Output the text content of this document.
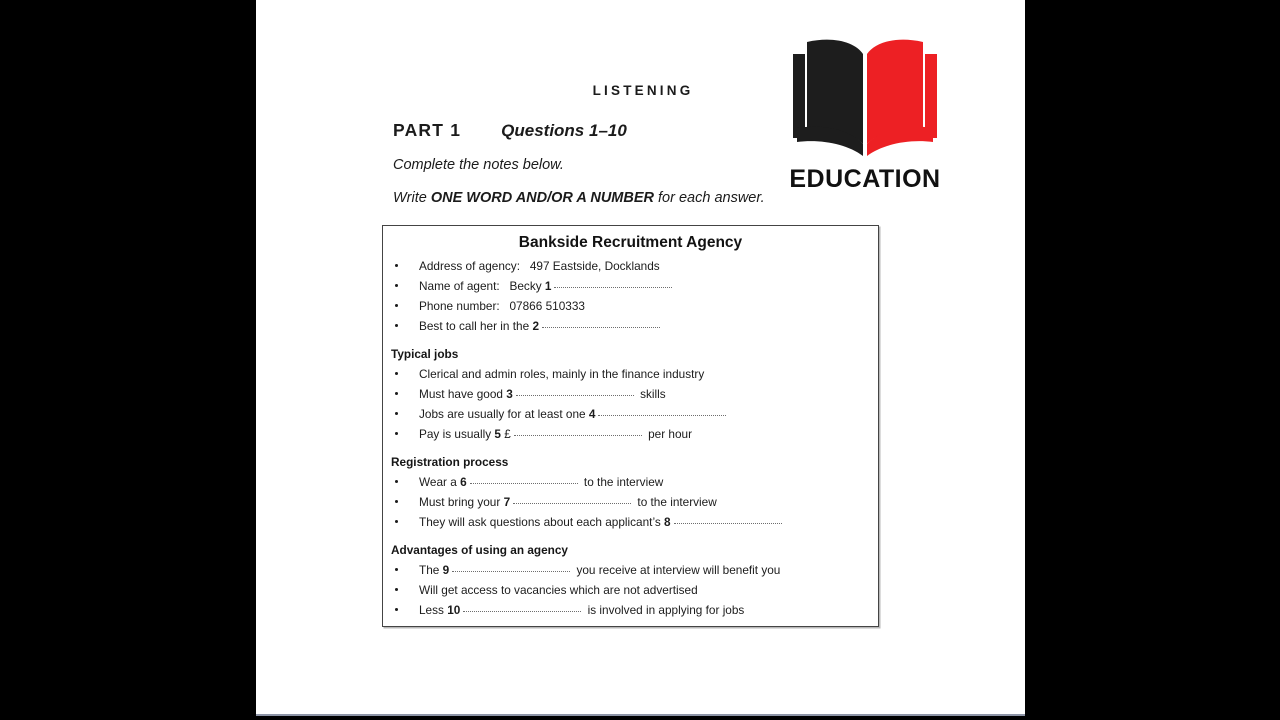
EDUCATION
LISTENING
PART 1 Questions 1–10
Complete the notes below.
Write ONE WORD AND/OR A NUMBER for each answer.
Bankside Recruitment Agency
Address of agency:   497 Eastside, Docklands
Name of agent:   Becky 1
Phone number:   07866 510333
Best to call her in the 2
Typical jobs
Clerical and admin roles, mainly in the finance industry
Must have good 3	skills
Jobs are usually for at least one 4
Pay is usually 5 £	per hour
Registration process
Wear a 6	to the interview
Must bring your 7	to the interview
They will ask questions about each applicant’s 8
Advantages of using an agency
The 9	you receive at interview will benefit you
Will get access to vacancies which are not advertised
Less 10	is involved in applying for jobs
